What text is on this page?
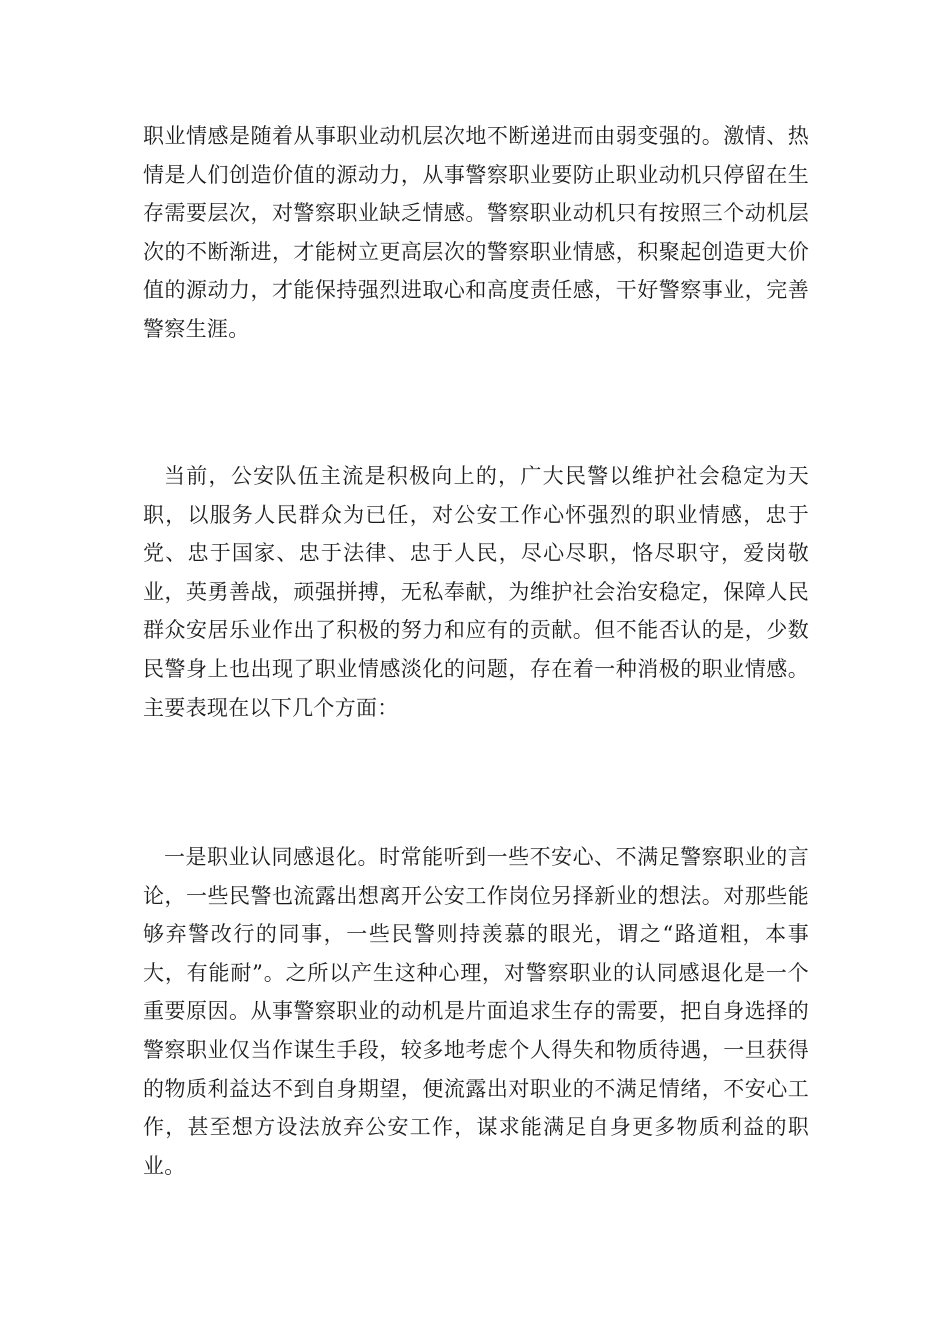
职业情感是随着从事职业动机层次地不断递进而由弱变强的。激情、热情是人们创造价值的源动力，从事警察职业要防止职业动机只停留在生存需要层次，对警察职业缺乏情感。警察职业动机只有按照三个动机层次的不断渐进，才能树立更高层次的警察职业情感，积聚起创造更大价值的源动力，才能保持强烈进取心和高度责任感，干好警察事业，完善警察生涯。

当前，公安队伍主流是积极向上的，广大民警以维护社会稳定为天职，以服务人民群众为已任，对公安工作心怀强烈的职业情感，忠于党、忠于国家、忠于法律、忠于人民，尽心尽职，恪尽职守，爱岗敬业，英勇善战，顽强拼搏，无私奉献，为维护社会治安稳定，保障人民群众安居乐业作出了积极的努力和应有的贡献。但不能否认的是，少数民警身上也出现了职业情感淡化的问题，存在着一种消极的职业情感。主要表现在以下几个方面：

一是职业认同感退化。时常能听到一些不安心、不满足警察职业的言论，一些民警也流露出想离开公安工作岗位另择新业的想法。对那些能够弃警改行的同事，一些民警则持羡慕的眼光，谓之“路道粗，本事大，有能耐”。之所以产生这种心理，对警察职业的认同感退化是一个重要原因。从事警察职业的动机是片面追求生存的需要，把自身选择的警察职业仅当作谋生手段，较多地考虑个人得失和物质待遇，一旦获得的物质利益达不到自身期望，便流露出对职业的不满足情绪，不安心工作，甚至想方设法放弃公安工作，谋求能满足自身更多物质利益的职业。
